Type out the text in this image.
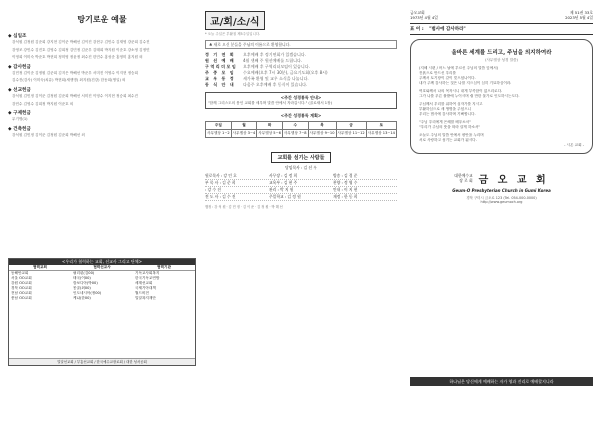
탕기로운 예물
◆ 십일조
강석원 김정원 김준희 강지현 김이준 박해선 김이진 강현주 김민수 김재영 강준희 김수진
강영조 강민수 김진호 김영수 김희정 김민정 김준우 김태희 박지원 이준호 강소영 김정민
이영희 이미숙 박준호 박현희 정미영 정윤정 최수진 한민수 홍성준 홍영미 홍지원 외
◆ 감사헌금
김민정 김이준 김정원 김준희 김지은 박해선 박준우 서미진 이영수 이지현 정승희
김수진(감사) 이미숙(치유) 박현희(새생명) 최지원(건강) 한동희(생일) 외
◆ 선교헌금
강석원 김민정 김이준 김정원 김준희 박해선 서미진 이영수 이지현 정승희 최수진
강민수 김영수 김희정 박지원 이준호 외
◆ 구제헌금
무기명(1)
◆ 건축헌금
강석원 김민정 김이준 김정원 김준희 박해선 외
<우리가 협력하는 교회, 선교사 그리고 단체>
협력교회	협력선교사	협력기관
동해안교회	필리핀(김00)	기독교사회복지
서울 OO교회	태국(이00)	한국기독교연합
강원 OO교회	캄보디아(박00)	세계선교회
경북 OO교회	몽골(최00)	국제기아대책
전남 OO교회	인도네시아(정00)	월드비전
충남 OO교회	케냐(한00)	밀알복지재단
밀알선교회 / 부흥선교회 / 한국예수교장로회 / 대한 성서공회
교/회/소/식
* 오늘 주일은 부활절 제5주일입니다.
♣ 새로 오신 분들을 주님의 이름으로 환영합니다.
정 기 연 회	오후예배 후 정기연회가 있겠습니다.
원 선 예 배	4월 셋째 주 원선예배를 드립니다.
구역리더모임	오후예배 후 구역리더모임이 있습니다.
주 중 모 임	수요예배(오후 7시 30분), 금요기도회(오후 8시)
교 우 동 정	새가족 환영 및 교우 소식을 나눕니다.
동 식 안 내	다음주 오후예배 후 동식이 있습니다.
<주간 성경통독 안내>
"함께 그리스도의 몸인 교회를 세우며 말씀 안에서 자라갑시다." (골로새서 1장)
<주간 성경통독 계획>
주일	월	화	수	목	금	토
사무엘상 1~2	사무엘상 3~4	사무엘상 5~6	사무엘상 7~8	사무엘상 9~10	사무엘상 11~12	사무엘상 13~14
교회를 섬기는 사람들
담임목사 : 김 선 우
원로목사 : 강 인 호	사무장 : 김 정 희	방송 : 김 경 준
부 목 사 : 김 준 희	교육부 : 김 현 주	찬양 : 정 영 수
: 강 수 진	관리 : 박 지 원	안내 : 이 지 현
전 도 사 : 김 수 진	주일학교 : 김 정 원	재정 : 한 동 희
행정 : 강 석 원 · 김 민 정 · 김 이 준 · 김 정 원 · 박 해 선
금오교회
1973년 4월 4일
제 51권 33호
2023년 5월 4일
표 어 : "범사에 감사하라"
올바른 세계를 드리고, 주님을 의지하여라
(사무엘상 성경 말씀)
(지혜 시편 / 어느 날에 부르신 주님의 말씀 앞에서)
진흙으로 만드신 우리를
주께서 토기장이 같이 빚으셨나이다.
내가 주께 감사하는 것은 나를 지으심이 심히 기묘하심이라.
여호와께서 나의 목자시니 내게 부족함이 없으리로다.
그가 나를 푸른 풀밭에 누이시며 쉴 만한 물가로 인도하시는도다.
주님께서 우리를 위하여 십자가를 지시고
부활하심으로 새 생명을 주셨으니
우리는 범사에 감사하며 기뻐합니다.
"주님 우리에게 은혜를 베푸소서"
"우리가 주님의 뜻을 따라 살게 하소서"
오늘도 주님의 말씀 안에서 평안을 누리며
서로 사랑하고 섬기는 교회가 됩시다.
- 시온 교회 -
대한예수교
장 로 회 금 오 교 회
Geum-O Presbyterian Church in Gumi Korea
경북 구미시 금오로 123 (Tel. 054-000-0000)
http://www.geumoch.org
하나님은 당신에게 예배하는 자가 영과 진리로 예배할지니라
